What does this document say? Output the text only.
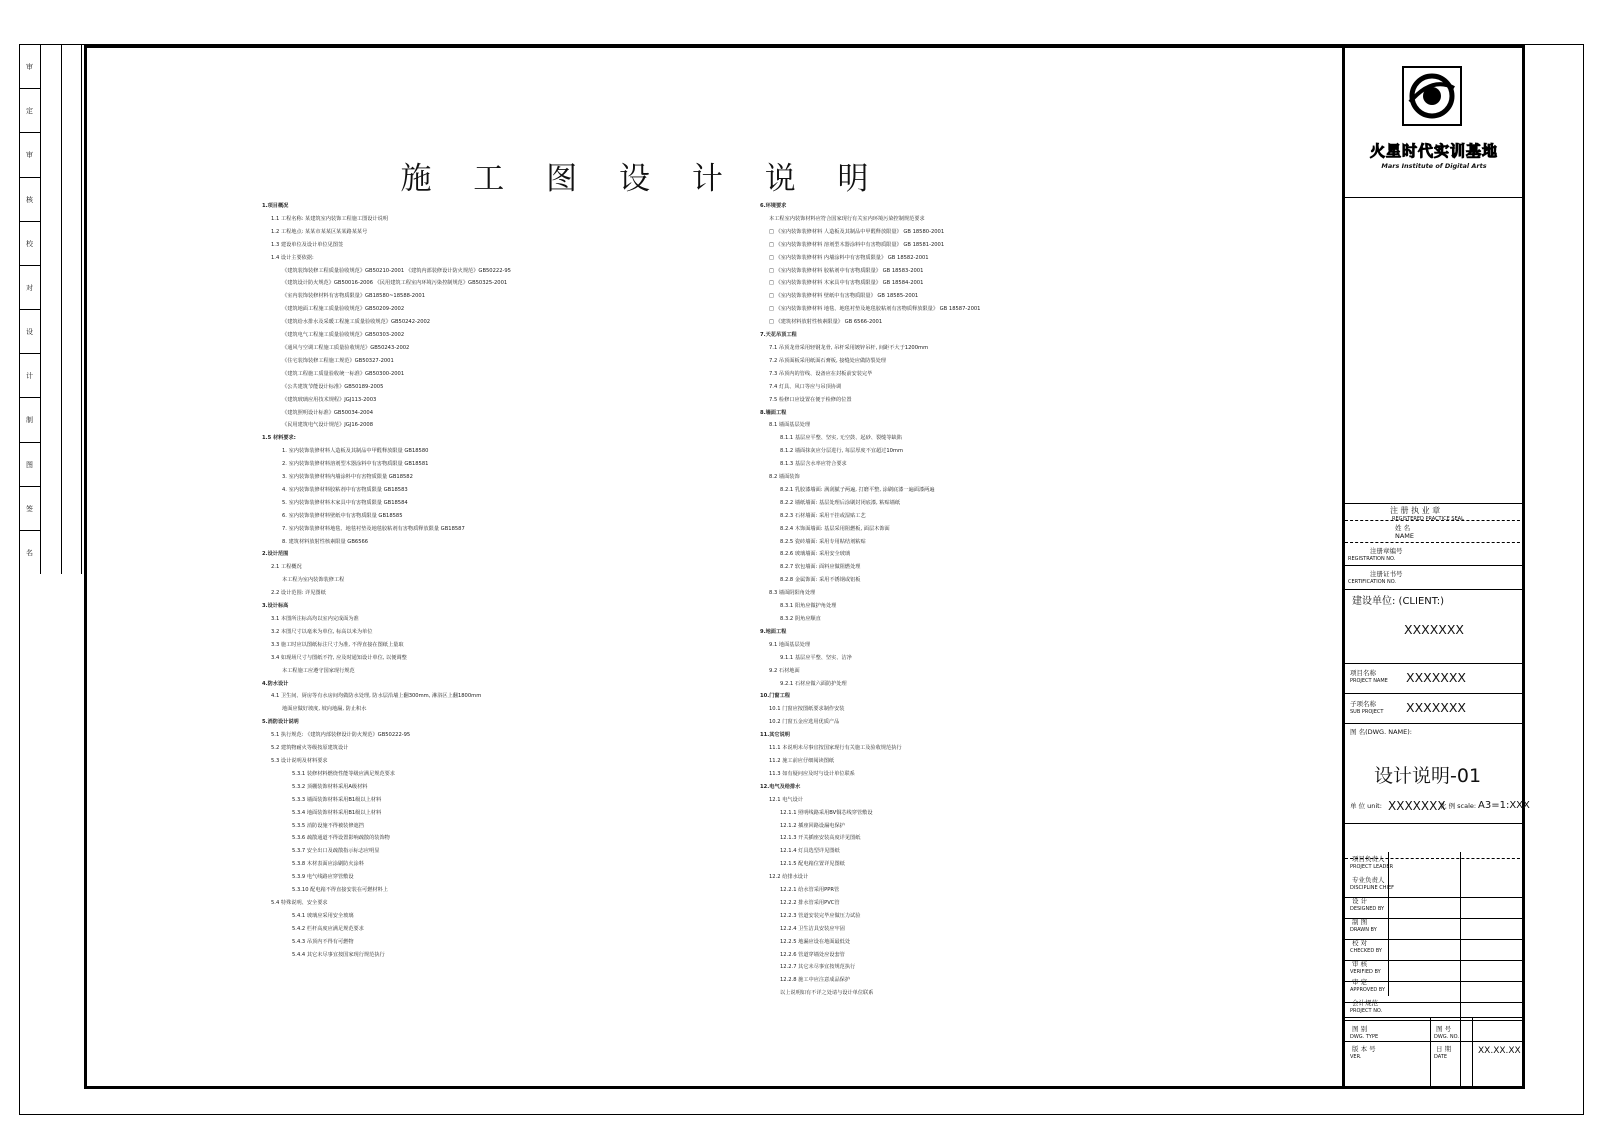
审
定
审
核
校
对
设
计
制
图
签
名
施 工 图 设 计 说 明
1.项目概况
1.1 工程名称: 某建筑室内装饰工程施工图设计说明
1.2 工程地点: 某某市某某区某某路某某号
1.3 建设单位及设计单位见图签
1.4 设计主要依据:
《建筑装饰装修工程质量验收规范》GB50210-2001 《建筑内部装修设计防火规范》GB50222-95
《建筑设计防火规范》GB50016-2006 《民用建筑工程室内环境污染控制规范》GB50325-2001
《室内装饰装修材料有害物质限量》GB18580~18588-2001
《建筑地面工程施工质量验收规范》GB50209-2002
《建筑给水排水及采暖工程施工质量验收规范》GB50242-2002
《建筑电气工程施工质量验收规范》GB50303-2002
《通风与空调工程施工质量验收规范》GB50243-2002
《住宅装饰装修工程施工规范》GB50327-2001
《建筑工程施工质量验收统一标准》GB50300-2001
《公共建筑节能设计标准》GB50189-2005
《建筑玻璃应用技术规程》JGJ113-2003
《建筑照明设计标准》GB50034-2004
《民用建筑电气设计规范》JGJ16-2008
1.5 材料要求:
1. 室内装饰装修材料人造板及其制品中甲醛释放限量 GB18580
2. 室内装饰装修材料溶剂型木器涂料中有害物质限量 GB18581
3. 室内装饰装修材料内墙涂料中有害物质限量 GB18582
4. 室内装饰装修材料胶粘剂中有害物质限量 GB18583
5. 室内装饰装修材料木家具中有害物质限量 GB18584
6. 室内装饰装修材料壁纸中有害物质限量 GB18585
7. 室内装饰装修材料地毯、地毯衬垫及地毯胶粘剂有害物质释放限量 GB18587
8. 建筑材料放射性核素限量 GB6566
2.设计范围
2.1 工程概况
本工程为室内装饰装修工程
2.2 设计范围: 详见图纸
3.设计标高
3.1 本图所注标高均以室内完成面为准
3.2 本图尺寸以毫米为单位, 标高以米为单位
3.3 施工时应以图纸标注尺寸为准, 不得直接在图纸上量取
3.4 如现场尺寸与图纸不符, 应及时通知设计单位, 以便调整
本工程施工应遵守国家现行规范
4.防水设计
4.1 卫生间、厨房等有水房间均做防水处理, 防水层沿墙上翻300mm, 淋浴区上翻1800mm
地面应做好坡度, 坡向地漏, 防止积水
5.消防设计说明
5.1 执行规范: 《建筑内部装修设计防火规范》GB50222-95
5.2 建筑物耐火等级按原建筑设计
5.3 设计说明及材料要求
5.3.1 装修材料燃烧性能等级应满足规范要求
5.3.2 顶棚装饰材料采用A级材料
5.3.3 墙面装饰材料采用B1级以上材料
5.3.4 地面装饰材料采用B1级以上材料
5.3.5 消防设施不得被装修遮挡
5.3.6 疏散通道不得设置影响疏散的装饰物
5.3.7 安全出口及疏散指示标志应明显
5.3.8 木材表面应涂刷防火涂料
5.3.9 电气线路应穿管敷设
5.3.10 配电箱不得直接安装在可燃材料上
5.4 特殊说明、安全要求
5.4.1 玻璃应采用安全玻璃
5.4.2 栏杆高度应满足规范要求
5.4.3 吊顶内不得有可燃物
5.4.4 其它未尽事宜按国家现行规范执行
6.环境要求
本工程室内装饰材料应符合国家现行有关室内环境污染控制规范要求
□ 《室内装饰装修材料 人造板及其制品中甲醛释放限量》 GB 18580-2001
□ 《室内装饰装修材料 溶剂型木器涂料中有害物质限量》 GB 18581-2001
□ 《室内装饰装修材料 内墙涂料中有害物质限量》 GB 18582-2001
□ 《室内装饰装修材料 胶粘剂中有害物质限量》 GB 18583-2001
□ 《室内装饰装修材料 木家具中有害物质限量》 GB 18584-2001
□ 《室内装饰装修材料 壁纸中有害物质限量》 GB 18585-2001
□ 《室内装饰装修材料 地毯、地毯衬垫及地毯胶粘剂有害物质释放限量》 GB 18587-2001
□ 《建筑材料放射性核素限量》 GB 6566-2001
7.天花吊顶工程
7.1 吊顶龙骨采用轻钢龙骨, 吊杆采用镀锌吊杆, 间距不大于1200mm
7.2 吊顶面板采用纸面石膏板, 接缝处应做防裂处理
7.3 吊顶内的管线、设备应在封板前安装完毕
7.4 灯具、风口等应与吊顶协调
7.5 检修口应设置在便于检修的位置
8.墙面工程
8.1 墙面基层处理
8.1.1 基层应平整、坚实, 无空鼓、起砂、裂缝等缺陷
8.1.2 墙面抹灰应分层进行, 每层厚度不宜超过10mm
8.1.3 基层含水率应符合要求
8.2 墙面装饰
8.2.1 乳胶漆墙面: 满刮腻子两遍, 打磨平整, 涂刷底漆一遍面漆两遍
8.2.2 墙纸墙面: 基层处理后涂刷封闭底漆, 粘贴墙纸
8.2.3 石材墙面: 采用干挂或湿贴工艺
8.2.4 木饰面墙面: 基层采用阻燃板, 面层木饰面
8.2.5 瓷砖墙面: 采用专用粘结剂粘贴
8.2.6 玻璃墙面: 采用安全玻璃
8.2.7 软包墙面: 面料应做阻燃处理
8.2.8 金属饰面: 采用不锈钢或铝板
8.3 墙面阴阳角处理
8.3.1 阳角应做护角处理
8.3.2 阴角应顺直
9.地面工程
9.1 地面基层处理
9.1.1 基层应平整、坚实、洁净
9.2 石材地面
9.2.1 石材应做六面防护处理
10.门窗工程
10.1 门窗应按图纸要求制作安装
10.2 门窗五金应选用优质产品
11.其它说明
11.1 本说明未尽事宜按国家现行有关施工及验收规范执行
11.2 施工前应仔细阅读图纸
11.3 如有疑问应及时与设计单位联系
12.电气及给排水
12.1 电气设计
12.1.1 照明线路采用BV铜芯线穿管敷设
12.1.2 插座回路设漏电保护
12.1.3 开关插座安装高度详见图纸
12.1.4 灯具选型详见图纸
12.1.5 配电箱位置详见图纸
12.2 给排水设计
12.2.1 给水管采用PPR管
12.2.2 排水管采用PVC管
12.2.3 管道安装完毕应做压力试验
12.2.4 卫生洁具安装应牢固
12.2.5 地漏应设在地面最低处
12.2.6 管道穿墙处应设套管
12.2.7 其它未尽事宜按规范执行
12.2.8 施工中应注意成品保护
以上说明如有不详之处请与设计单位联系
火星时代实训基地
Mars Institute of Digital Arts
注 册 执 业 章
REGISTERED PRACTICE SEAL
姓 名
NAME
注册章编号
REGISTRATION NO.
注册证书号
CERTIFICATION NO.
建设单位: (CLIENT:)
XXXXXXX
项目名称
PROJECT NAME XXXXXXX
子项名称
SUB PROJECT XXXXXXX
图 名(DWG. NAME):
设计说明-01
单 位 unit: XXXXXXX
比 例 scale: A3=1:XXX
项目负责人
PROJECT LEADER
专业负责人
DISCIPLINE CHIEF
设 计
DESIGNED BY
制 图
DRAWN BY
校 对
CHECKED BY
审 核
VERIFIED BY
审 定
APPROVED BY
会计规范
PROJECT NO.
图 别
DWG. TYPE
图 号
DWG. NO.
版 本 号
VER.
日 期
DATE
XX.XX.XX
